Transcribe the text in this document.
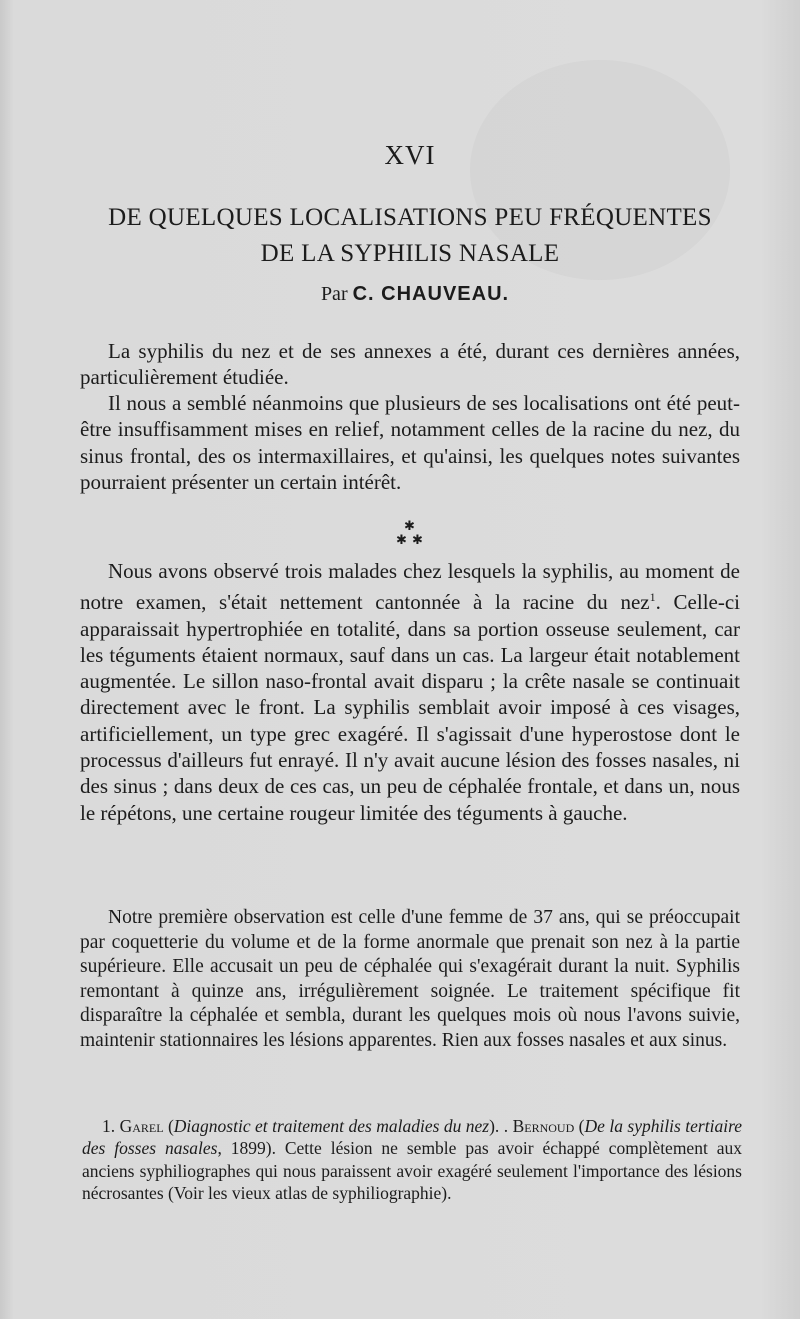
XVI
DE QUELQUES LOCALISATIONS PEU FRÉQUENTES
DE LA SYPHILIS NASALE
Par C. CHAUVEAU.

La syphilis du nez et de ses annexes a été, durant ces dernières années, particulièrement étudiée.

Il nous a semblé néanmoins que plusieurs de ses localisations ont été peut-être insuffisamment mises en relief, notamment celles de la racine du nez, du sinus frontal, des os intermaxillaires, et qu'ainsi, les quelques notes suivantes pourraient présenter un certain intérêt.

✱
✱ ✱

Nous avons observé trois malades chez lesquels la syphilis, au moment de notre examen, s'était nettement cantonnée à la racine du nez$^1$. Celle-ci apparaissait hypertrophiée en totalité, dans sa portion osseuse seulement, car les téguments étaient normaux, sauf dans un cas. La largeur était notablement augmentée. Le sillon naso-frontal avait disparu ; la crête nasale se continuait directement avec le front. La syphilis semblait avoir imposé à ces visages, artificiellement, un type grec exagéré. Il s'agissait d'une hyperostose dont le processus d'ailleurs fut enrayé. Il n'y avait aucune lésion des fosses nasales, ni des sinus ; dans deux de ces cas, un peu de céphalée frontale, et dans un, nous le répétons, une certaine rougeur limitée des téguments à gauche.

Notre première observation est celle d'une femme de 37 ans, qui se préoccupait par coquetterie du volume et de la forme anormale que prenait son nez à la partie supérieure. Elle accusait un peu de céphalée qui s'exagérait durant la nuit. Syphilis remontant à quinze ans, irrégulièrement soignée. Le traitement spécifique fit disparaître la céphalée et sembla, durant les quelques mois où nous l'avons suivie, maintenir stationnaires les lésions apparentes. Rien aux fosses nasales et aux sinus.

1. Garel (Diagnostic et traitement des maladies du nez). . Bernoud (De la syphilis tertiaire des fosses nasales, 1899). Cette lésion ne semble pas avoir échappé complètement aux anciens syphiliographes qui nous paraissent avoir exagéré seulement l'importance des lésions nécrosantes (Voir les vieux atlas de syphiliographie).
